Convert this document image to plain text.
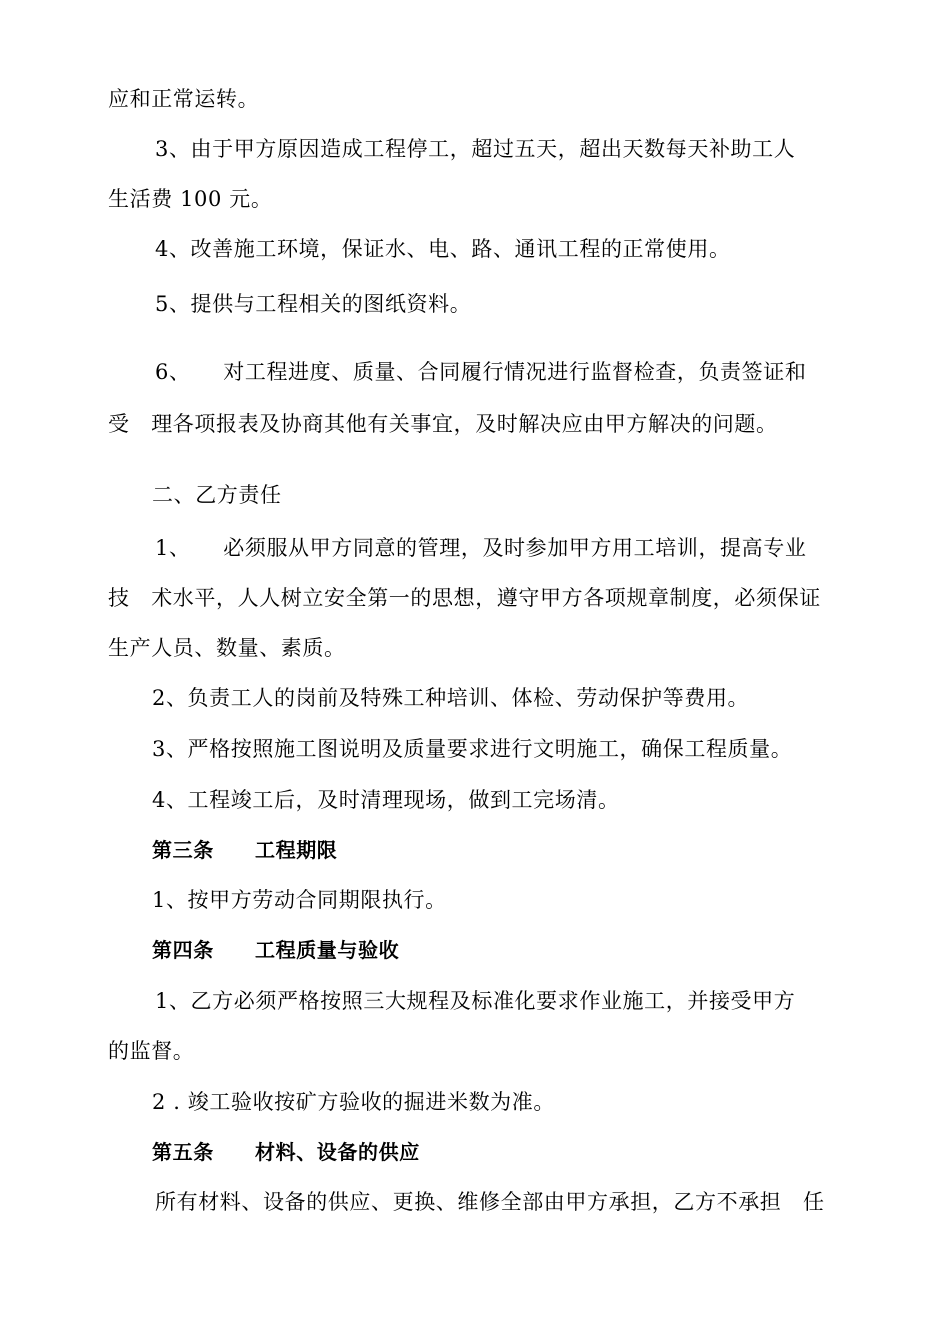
应和正常运转。
3、由于甲方原因造成工程停工，超过五天，超出天数每天补助工人
生活费 100 元。
4、改善施工环境，保证水、电、路、通讯工程的正常使用。
5、提供与工程相关的图纸资料。
6、　　对工程进度、质量、合同履行情况进行监督检查，负责签证和
受　理各项报表及协商其他有关事宜，及时解决应由甲方解决的问题。
二、乙方责任
1、　　必须服从甲方同意的管理，及时参加甲方用工培训，提高专业
技　术水平，人人树立安全第一的思想，遵守甲方各项规章制度，必须保证
生产人员、数量、素质。
2、负责工人的岗前及特殊工种培训、体检、劳动保护等费用。
3、严格按照施工图说明及质量要求进行文明施工，确保工程质量。
4、工程竣工后，及时清理现场，做到工完场清。
第三条　　工程期限
1、按甲方劳动合同期限执行。
第四条　　工程质量与验收
1、乙方必须严格按照三大规程及标准化要求作业施工，并接受甲方
的监督。
2 . 竣工验收按矿方验收的掘进米数为准。
第五条　　材料、设备的供应
所有材料、设备的供应、更换、维修全部由甲方承担，乙方不承担　任
